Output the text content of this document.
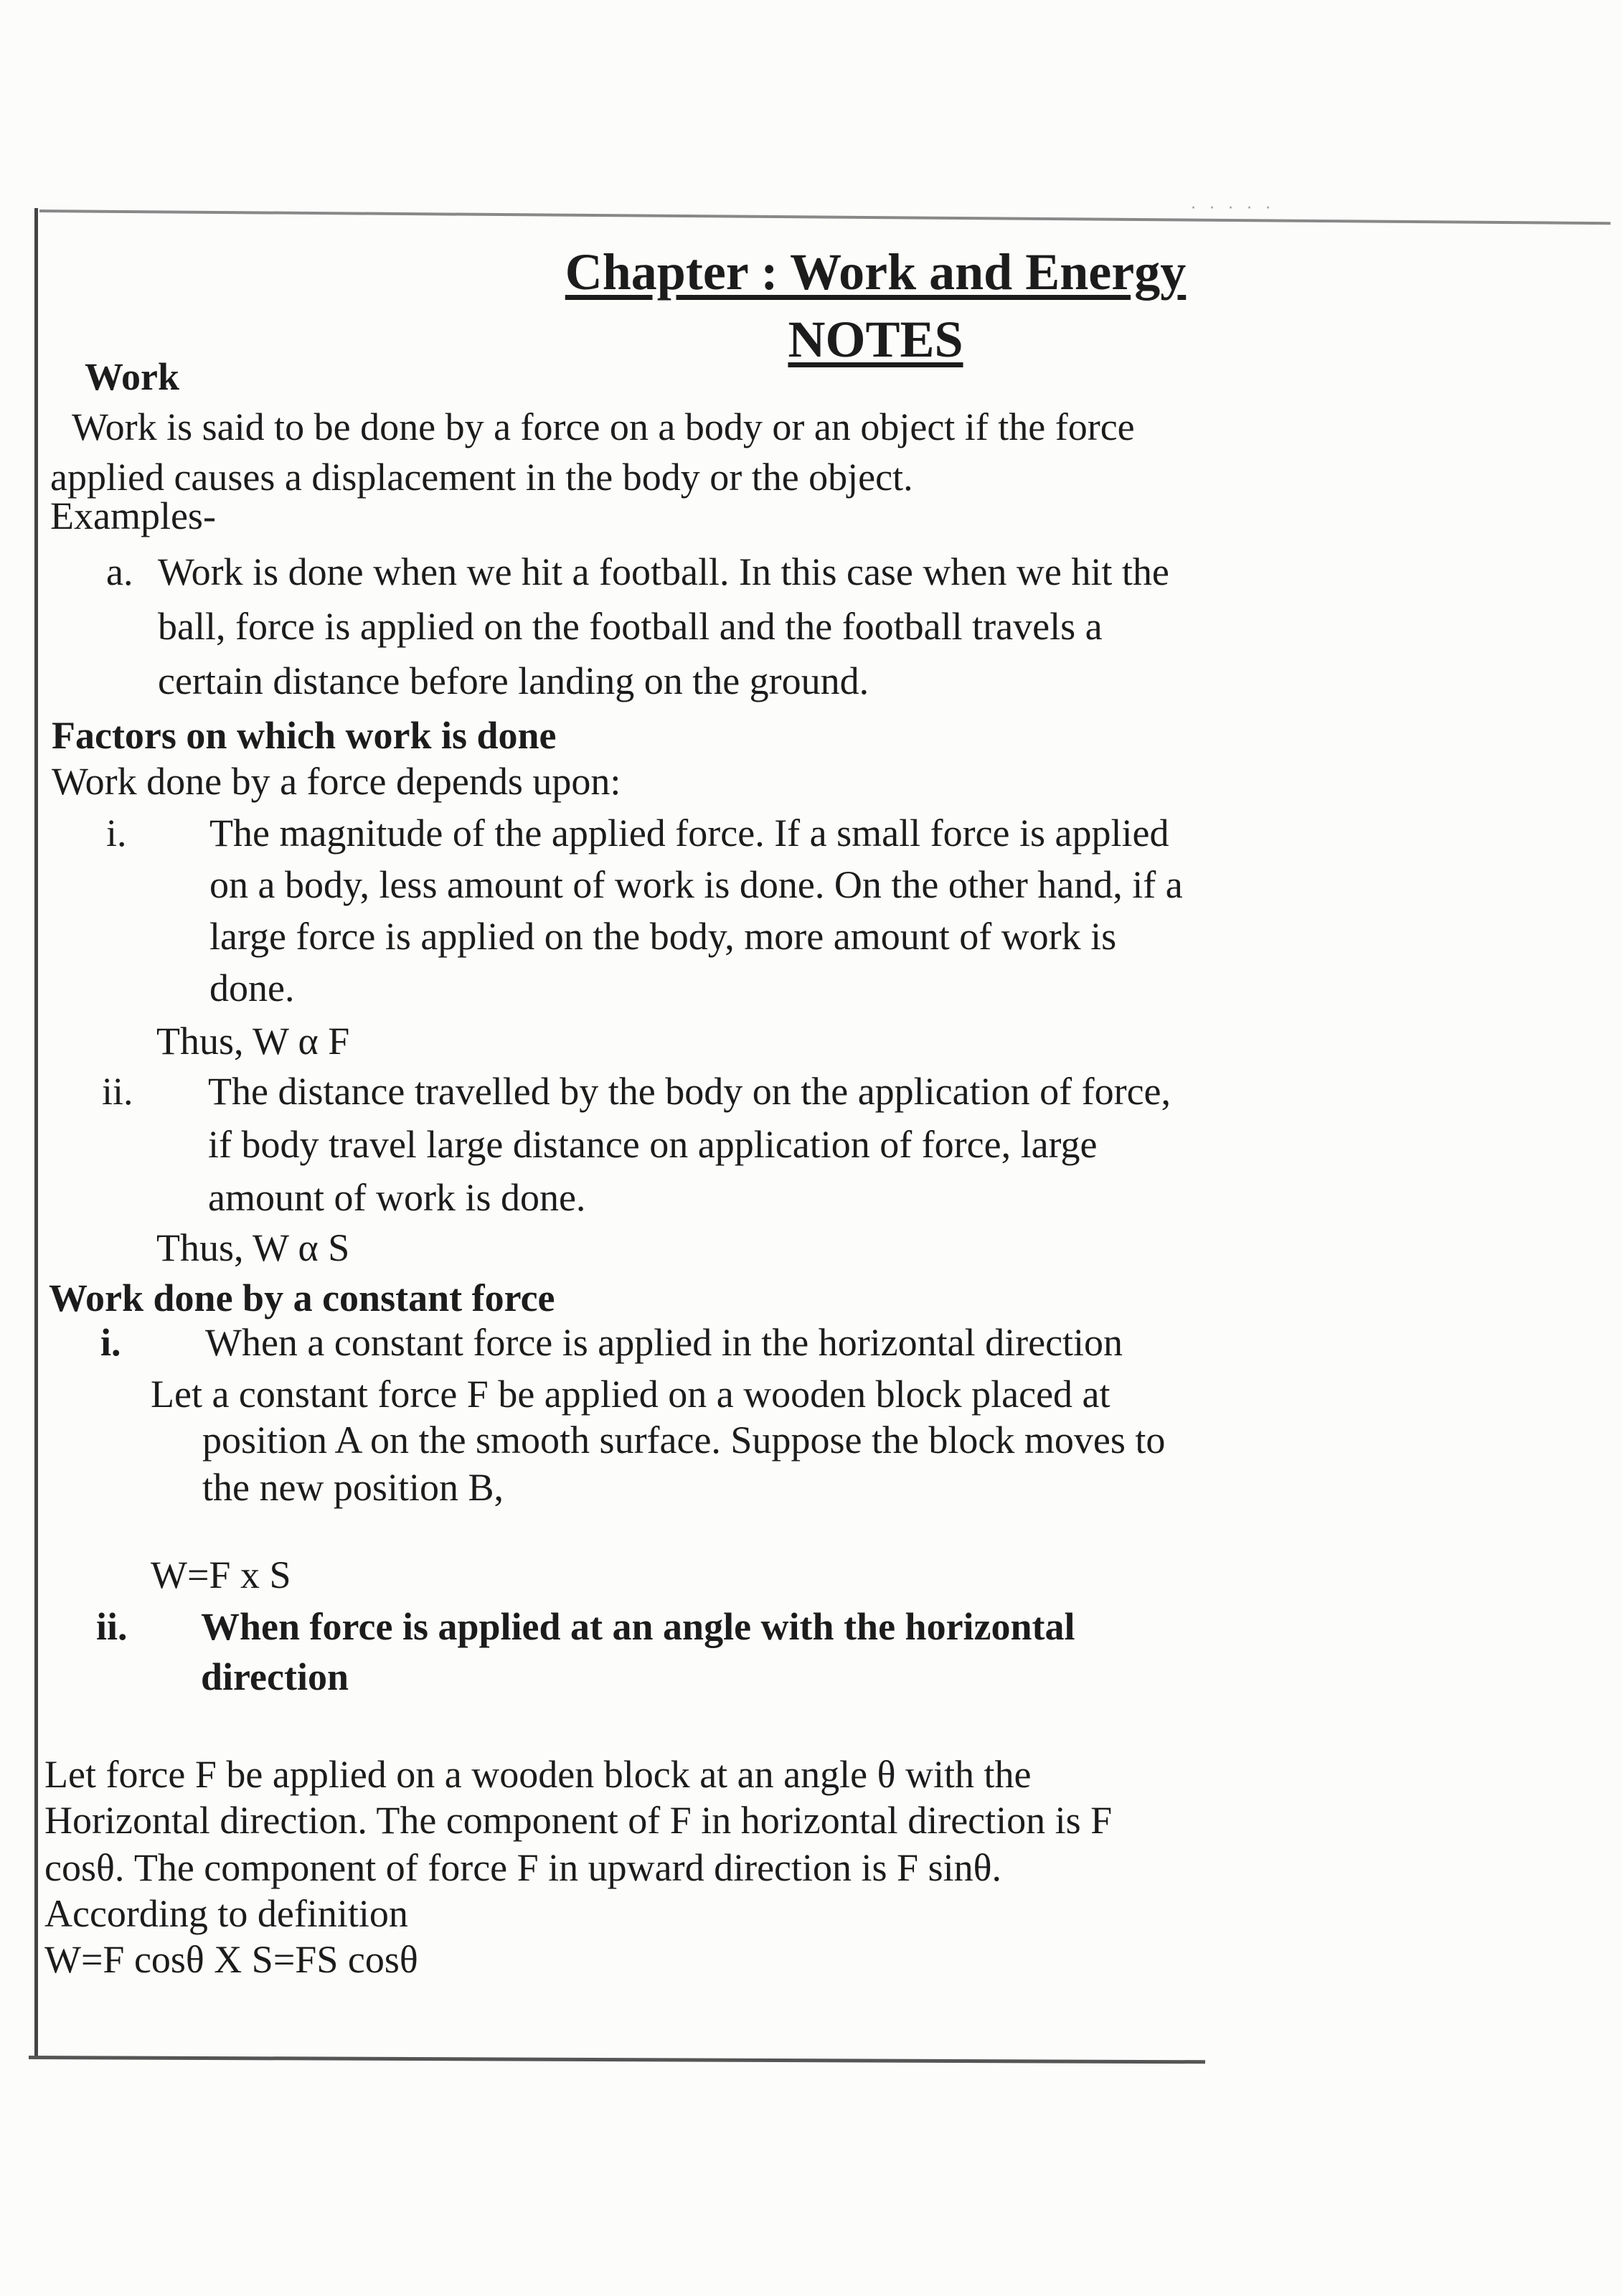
· · · · ·
Chapter : Work and Energy
NOTES

Work

Work is said to be done by a force on a body or an object if the force

applied causes a displacement in the body or the object.

Examples-

a. Work is done when we hit a football. In this case when we hit the

ball, force is applied on the football and the football travels a

certain distance before landing on the ground.

Factors on which work is done

Work done by a force depends upon:

i. The magnitude of the applied force. If a small force is applied

on a body, less amount of work is done. On the other hand, if a

large force is applied on the body, more amount of work is

done.

Thus, W α F

ii. The distance travelled by the body on the application of force,

if body travel large distance on application of force, large

amount of work is done.

Thus, W α S

Work done by a constant force

i. When a constant force is applied in the horizontal direction

Let a constant force F be applied on a wooden block placed at

position A on the smooth surface. Suppose the block moves to

the new position B,

W=F x S

ii. When force is applied at an angle with the horizontal

direction

Let force F be applied on a wooden block at an angle θ with the

Horizontal direction. The component of F in horizontal direction is F

cosθ. The component of force F in upward direction is F sinθ.

According to definition

W=F cosθ X S=FS cosθ
